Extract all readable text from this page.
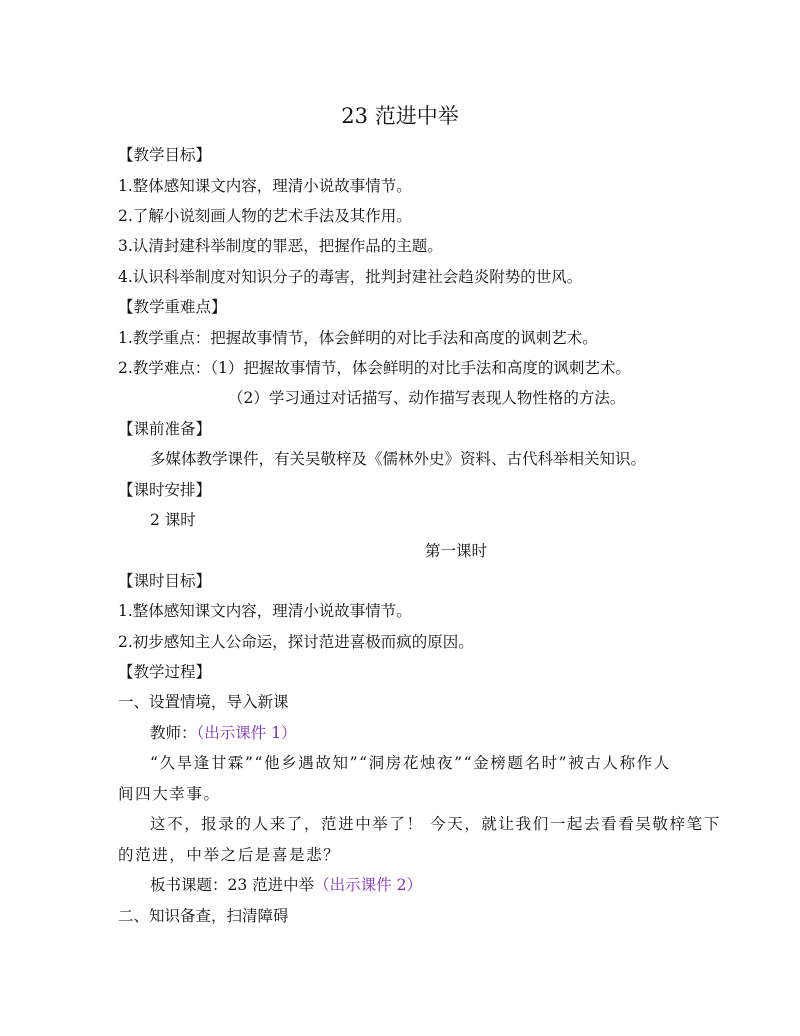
23 范进中举
【教学目标】
1.整体感知课文内容，理清小说故事情节。
2.了解小说刻画人物的艺术手法及其作用。
3.认清封建科举制度的罪恶，把握作品的主题。
4.认识科举制度对知识分子的毒害，批判封建社会趋炎附势的世风。
【教学重难点】
1.教学重点：把握故事情节，体会鲜明的对比手法和高度的讽刺艺术。
2.教学难点：（1）把握故事情节，体会鲜明的对比手法和高度的讽刺艺术。
（2）学习通过对话描写、动作描写表现人物性格的方法。
【课前准备】
多媒体教学课件，有关吴敬梓及《儒林外史》资料、古代科举相关知识。
【课时安排】
2 课时
第一课时
【课时目标】
1.整体感知课文内容，理清小说故事情节。
2.初步感知主人公命运，探讨范进喜极而疯的原因。
【教学过程】
一、设置情境，导入新课
教师：（出示课件 1）
“久旱逢甘霖”“他乡遇故知”“洞房花烛夜”“金榜题名时”被古人称作人
间四大幸事。
这不，报录的人来了，范进中举了！ 今天，就让我们一起去看看吴敬梓笔下
的范进，中举之后是喜是悲？
板书课题：23 范进中举（出示课件 2）
二、知识备查，扫清障碍
